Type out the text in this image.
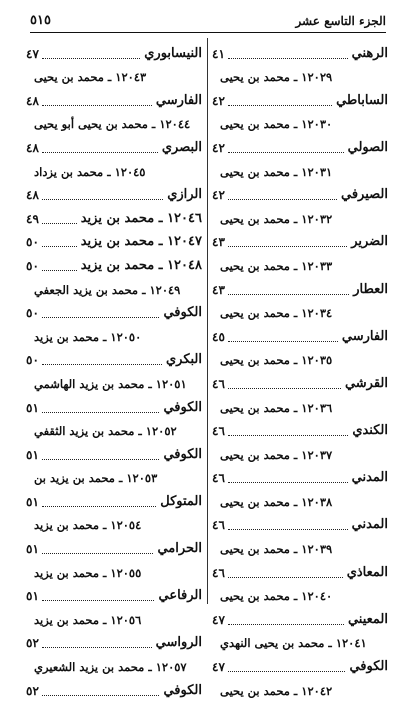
الجزء التاسع عشر
٥١٥
الرهني
٤١
١٢٠٢٩ ـ محمد بن يحيى
الساباطي
٤٢
١٢٠٣٠ ـ محمد بن يحيى
الصولي
٤٢
١٢٠٣١ ـ محمد بن يحيى
الصيرفي
٤٢
١٢٠٣٢ ـ محمد بن يحيى
الضرير
٤٣
١٢٠٣٣ ـ محمد بن يحيى
العطار
٤٣
١٢٠٣٤ ـ محمد بن يحيى
الفارسي
٤٥
١٢٠٣٥ ـ محمد بن يحيى
القرشي
٤٦
١٢٠٣٦ ـ محمد بن يحيى
الكندي
٤٦
١٢٠٣٧ ـ محمد بن يحيى
المدني
٤٦
١٢٠٣٨ ـ محمد بن يحيى
المدني
٤٦
١٢٠٣٩ ـ محمد بن يحيى
المعاذي
٤٦
١٢٠٤٠ ـ محمد بن يحيى
المعيني
٤٧
١٢٠٤١ ـ محمد بن يحيى النهدي
الكوفي
٤٧
١٢٠٤٢ ـ محمد بن يحيى
النيسابوري
٤٧
١٢٠٤٣ ـ محمد بن يحيى
الفارسي
٤٨
١٢٠٤٤ ـ محمد بن يحيى أبو يحيى
البصري
٤٨
١٢٠٤٥ ـ محمد بن يزداد
الرازي
٤٨
١٢٠٤٦ ـ محمد بن يزيد
٤٩
١٢٠٤٧ ـ محمد بن يزيد
٥٠
١٢٠٤٨ ـ محمد بن يزيد
٥٠
١٢٠٤٩ ـ محمد بن يزيد الجعفي
الكوفي
٥٠
١٢٠٥٠ ـ محمد بن يزيد
البكري
٥٠
١٢٠٥١ ـ محمد بن يزيد الهاشمي
الكوفي
٥١
١٢٠٥٢ ـ محمد بن يزيد الثقفي
الكوفي
٥١
١٢٠٥٣ ـ محمد بن يزيد بن
المتوكل
٥١
١٢٠٥٤ ـ محمد بن يزيد
الحرامي
٥١
١٢٠٥٥ ـ محمد بن يزيد
الرفاعي
٥١
١٢٠٥٦ ـ محمد بن يزيد
الرواسي
٥٢
١٢٠٥٧ ـ محمد بن يزيد الشعيري
الكوفي
٥٢
